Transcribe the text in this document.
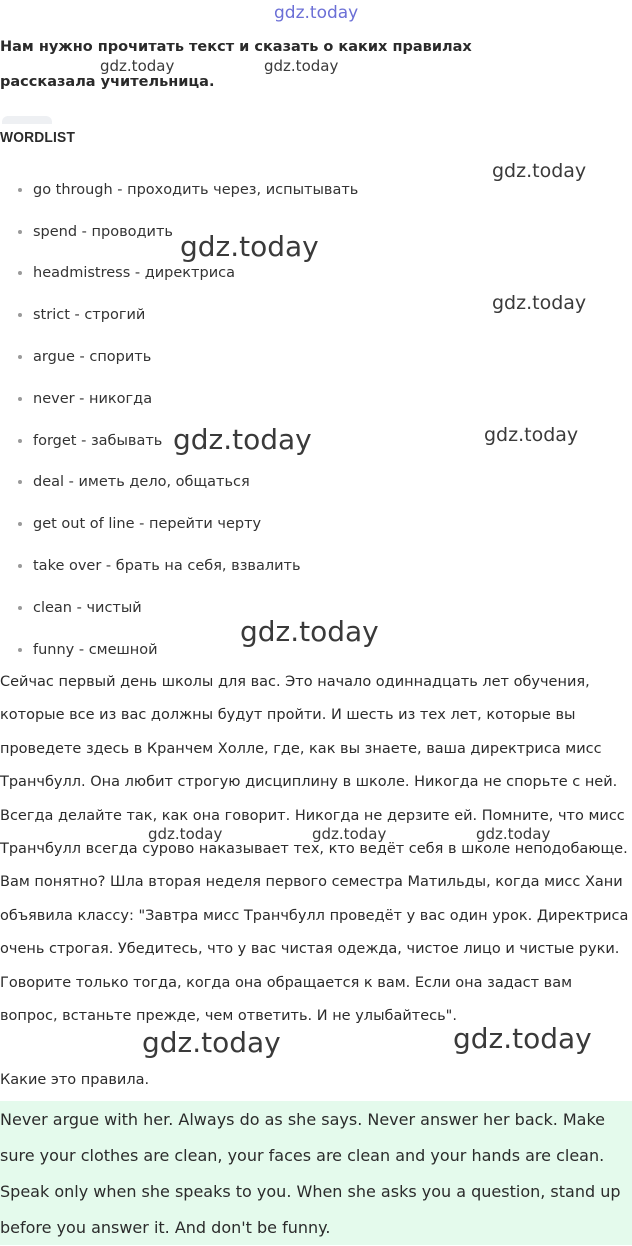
gdz.today
Нам нужно прочитать текст и сказать о каких правилах рассказала учительница.
WORDLIST
go through - проходить через, испытывать
spend - проводить
headmistress - директриса
strict - строгий
argue - спорить
never - никогда
forget - забывать
deal - иметь дело, общаться
get out of line - перейти черту
take over - брать на себя, взвалить
clean - чистый
funny - смешной

Сейчас первый день школы для вас. Это начало одиннадцать лет обучения, которые все из вас должны будут пройти. И шесть из тех лет, которые вы проведете здесь в Кранчем Холле, где, как вы знаете, ваша директриса мисс Транчбулл. Она любит строгую дисциплину в школе. Никогда не спорьте с ней. Всегда делайте так, как она говорит. Никогда не дерзите ей. Помните, что мисс Транчбулл всегда сурово наказывает тех, кто ведёт себя в школе неподобающе. Вам понятно? Шла вторая неделя первого семестра Матильды, когда мисс Хани объявила классу: "Завтра мисс Транчбулл проведёт у вас один урок. Директриса очень строгая. Убедитесь, что у вас чистая одежда, чистое лицо и чистые руки. Говорите только тогда, когда она обращается к вам. Если она задаст вам вопрос, встаньте прежде, чем ответить. И не улыбайтесь".

Какие это правила.

Never argue with her. Always do as she says. Never answer her back. Make sure your clothes are clean, your faces are clean and your hands are clean. Speak only when she speaks to you. When she asks you a question, stand up before you answer it. And don't be funny.

gdz.today	gdz.today
gdz.today
gdz.today
gdz.today
gdz.today	gdz.today
gdz.today
gdz.today	gdz.today	gdz.today
gdz.today	gdz.today
